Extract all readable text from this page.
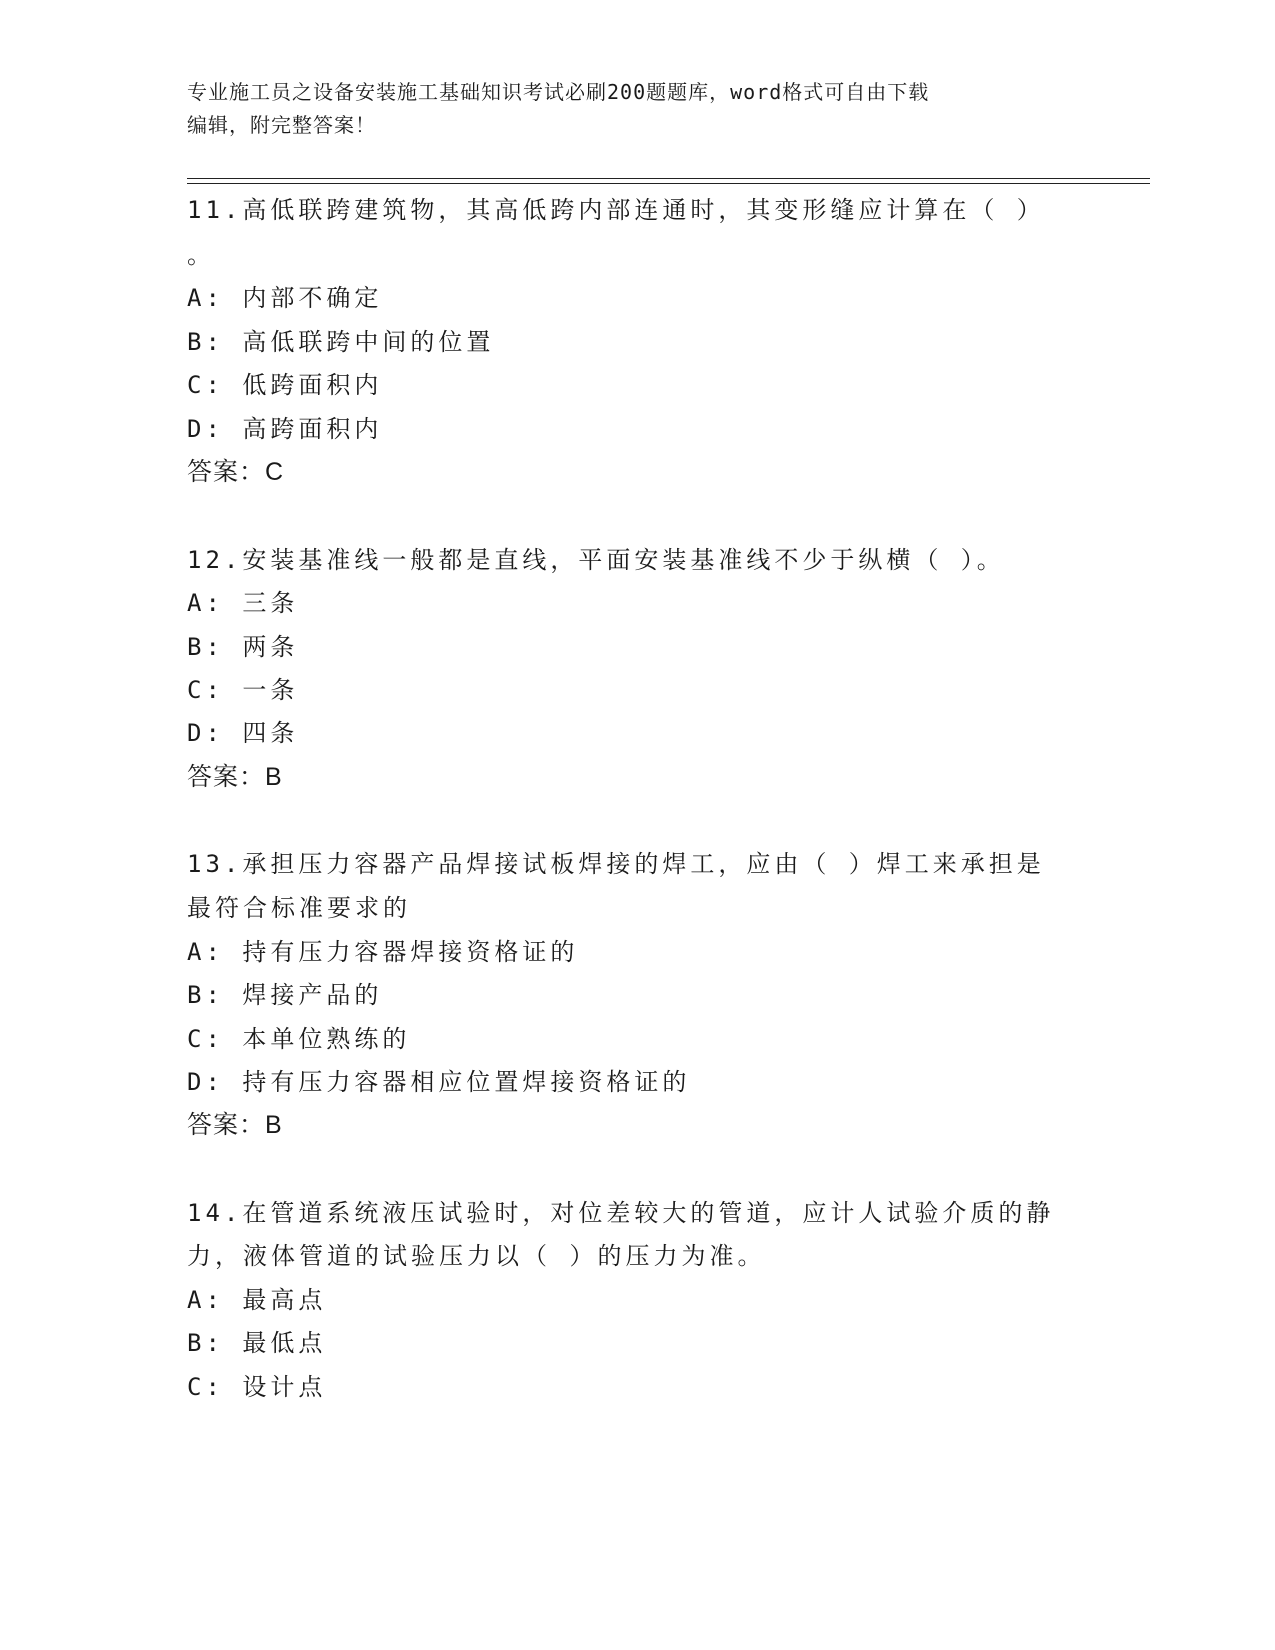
专业施工员之设备安装施工基础知识考试必刷200题题库，word格式可自由下载
编辑，附完整答案！
11.高低联跨建筑物，其高低跨内部连通时，其变形缝应计算在（ ）
。
A: 内部不确定
B: 高低联跨中间的位置
C: 低跨面积内
D: 高跨面积内
答案：C
12.安装基准线一般都是直线，平面安装基准线不少于纵横（ ）。
A: 三条
B: 两条
C: 一条
D: 四条
答案：B
13.承担压力容器产品焊接试板焊接的焊工，应由（ ）焊工来承担是
最符合标准要求的
A: 持有压力容器焊接资格证的
B: 焊接产品的
C: 本单位熟练的
D: 持有压力容器相应位置焊接资格证的
答案：B
14.在管道系统液压试验时，对位差较大的管道，应计人试验介质的静
力，液体管道的试验压力以（ ）的压力为准。
A: 最高点
B: 最低点
C: 设计点
